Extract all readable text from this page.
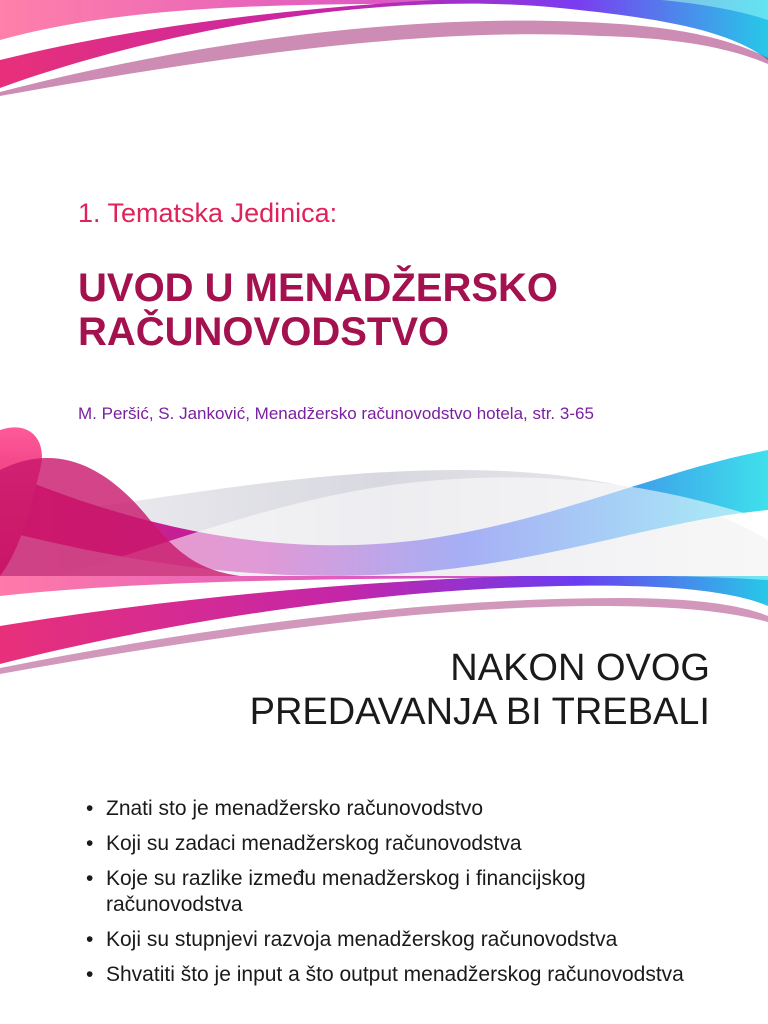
1. Tematska Jedinica:
UVOD U MENADŽERSKO
RAČUNOVODSTVO
M. Peršić, S. Janković, Menadžersko računovodstvo hotela, str. 3-65
NAKON OVOG
PREDAVANJA BI TREBALI
• Znati sto je menadžersko računovodstvo
• Koji su zadaci menadžerskog računovodstva
• Koje su razlike između menadžerskog i financijskog računovodstva
• Koji su stupnjevi razvoja menadžerskog računovodstva
• Shvatiti što je input a što output menadžerskog računovodstva
